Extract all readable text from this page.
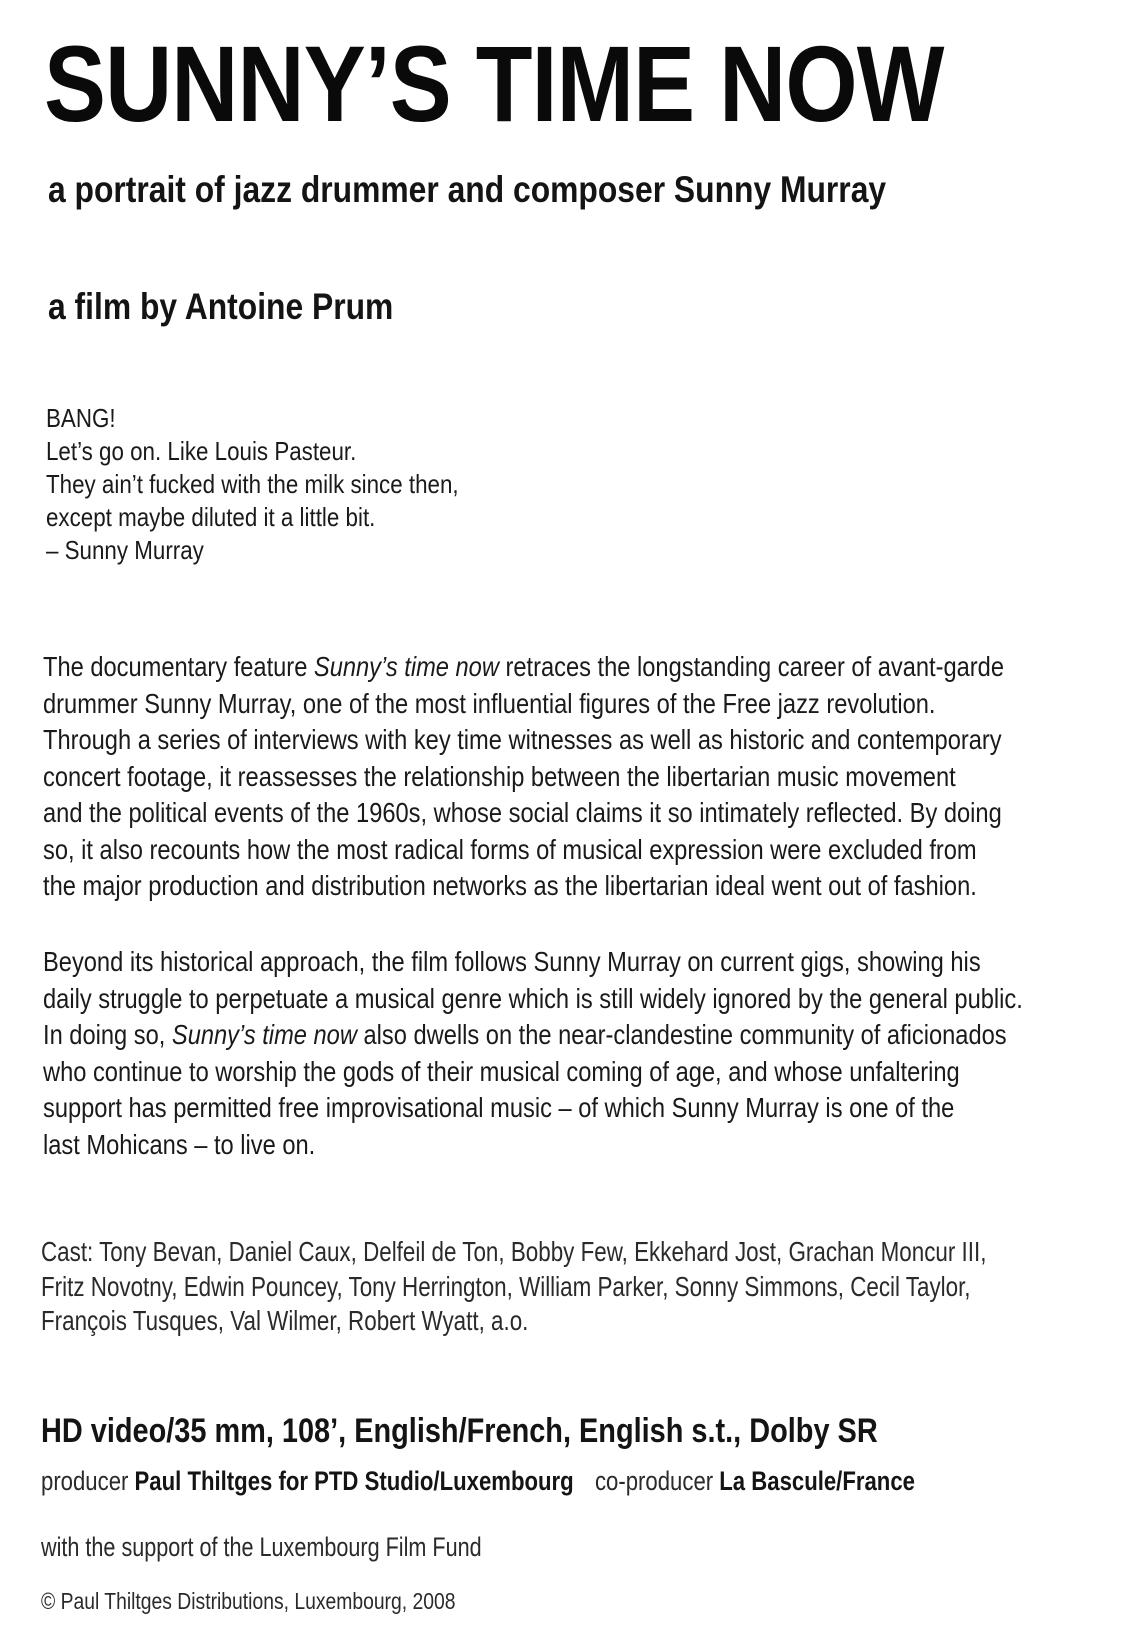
SUNNY’S TIME NOW
a portrait of jazz drummer and composer Sunny Murray
a film by Antoine Prum
BANG!
Let’s go on. Like Louis Pasteur.
They ain’t fucked with the milk since then,
except maybe diluted it a little bit.
– Sunny Murray
The documentary feature Sunny’s time now retraces the longstanding career of avant-garde
drummer Sunny Murray, one of the most influential figures of the Free jazz revolution.
Through a series of interviews with key time witnesses as well as historic and contemporary
concert footage, it reassesses the relationship between the libertarian music movement
and the political events of the 1960s, whose social claims it so intimately reflected. By doing
so, it also recounts how the most radical forms of musical expression were excluded from
the major production and distribution networks as the libertarian ideal went out of fashion.
Beyond its historical approach, the film follows Sunny Murray on current gigs, showing his
daily struggle to perpetuate a musical genre which is still widely ignored by the general public.
In doing so, Sunny’s time now also dwells on the near-clandestine community of aficionados
who continue to worship the gods of their musical coming of age, and whose unfaltering
support has permitted free improvisational music – of which Sunny Murray is one of the
last Mohicans – to live on.
Cast: Tony Bevan, Daniel Caux, Delfeil de Ton, Bobby Few, Ekkehard Jost, Grachan Moncur III,
Fritz Novotny, Edwin Pouncey, Tony Herrington, William Parker, Sonny Simmons, Cecil Taylor,
François Tusques, Val Wilmer, Robert Wyatt, a.o.
HD video/35 mm, 108’, English/French, English s.t., Dolby SR
producer Paul Thiltges for PTD Studio/Luxembourg co-producer La Bascule/France
with the support of the Luxembourg Film Fund
© Paul Thiltges Distributions, Luxembourg, 2008
